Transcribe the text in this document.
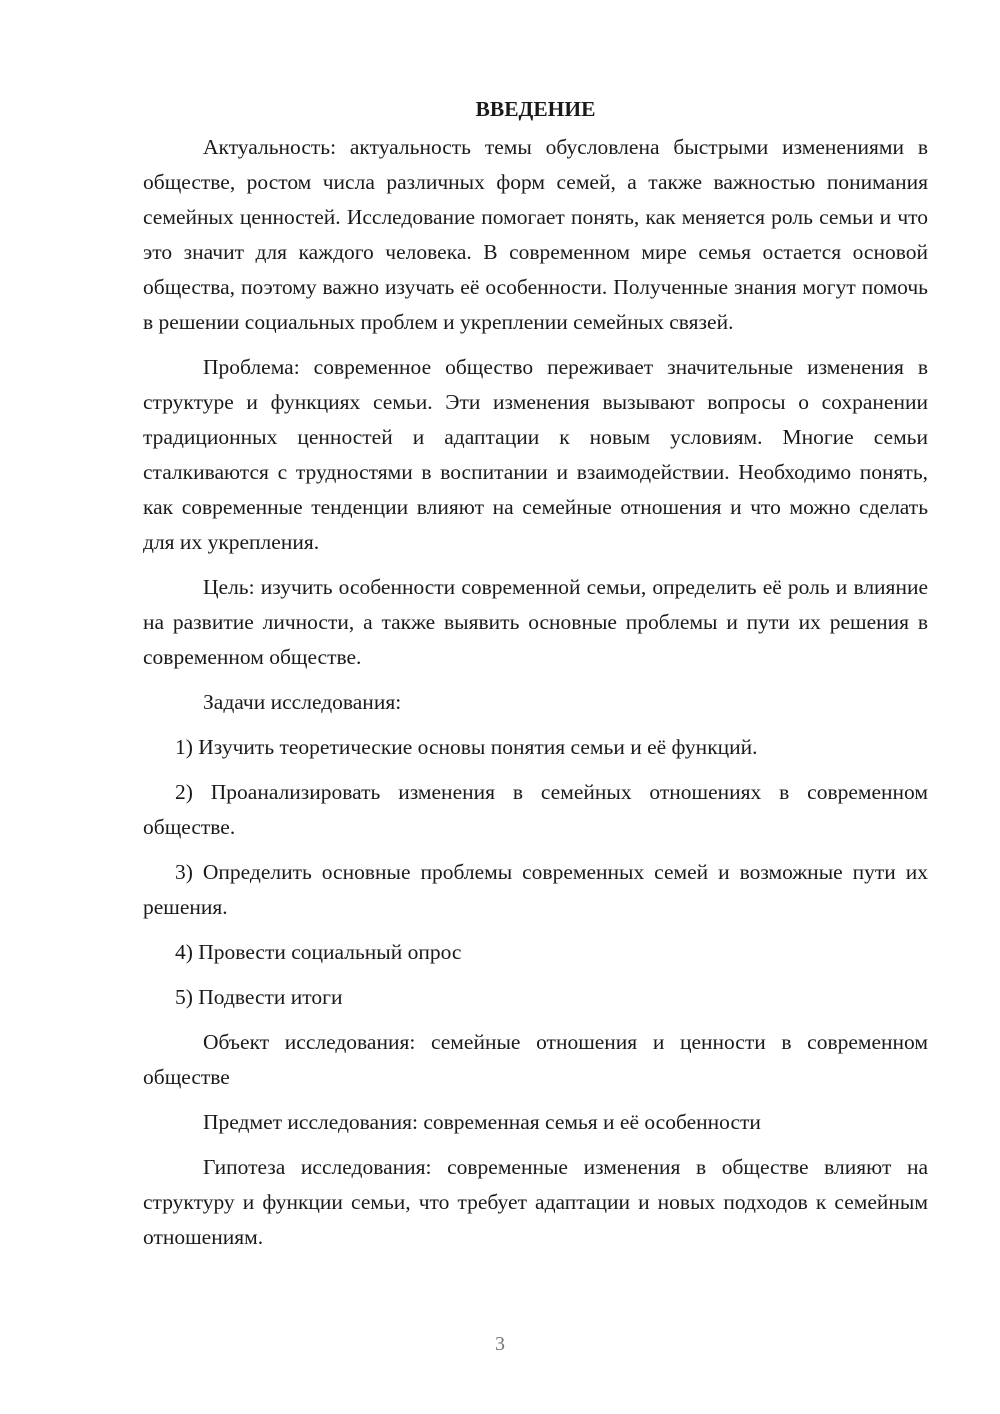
ВВЕДЕНИЕ

Актуальность: актуальность темы обусловлена быстрыми изменениями в обществе, ростом числа различных форм семей, а также важностью понимания семейных ценностей. Исследование помогает понять, как меняется роль семьи и что это значит для каждого человека. В современном мире семья остается основой общества, поэтому важно изучать её особенности. Полученные знания могут помочь в решении социальных проблем и укреплении семейных связей.

Проблема: современное общество переживает значительные изменения в структуре и функциях семьи. Эти изменения вызывают вопросы о сохранении традиционных ценностей и адаптации к новым условиям. Многие семьи сталкиваются с трудностями в воспитании и взаимодействии. Необходимо понять, как современные тенденции влияют на семейные отношения и что можно сделать для их укрепления.

Цель: изучить особенности современной семьи, определить её роль и влияние на развитие личности, а также выявить основные проблемы и пути их решения в современном обществе.

Задачи исследования:

1) Изучить теоретические основы понятия семьи и её функций.

2) Проанализировать изменения в семейных отношениях в современном обществе.

3) Определить основные проблемы современных семей и возможные пути их решения.

4) Провести социальный опрос

5) Подвести итоги

Объект исследования: семейные отношения и ценности в современном обществе

Предмет исследования: современная семья и её особенности

Гипотеза исследования: современные изменения в обществе влияют на структуру и функции семьи, что требует адаптации и новых подходов к семейным отношениям.

3
